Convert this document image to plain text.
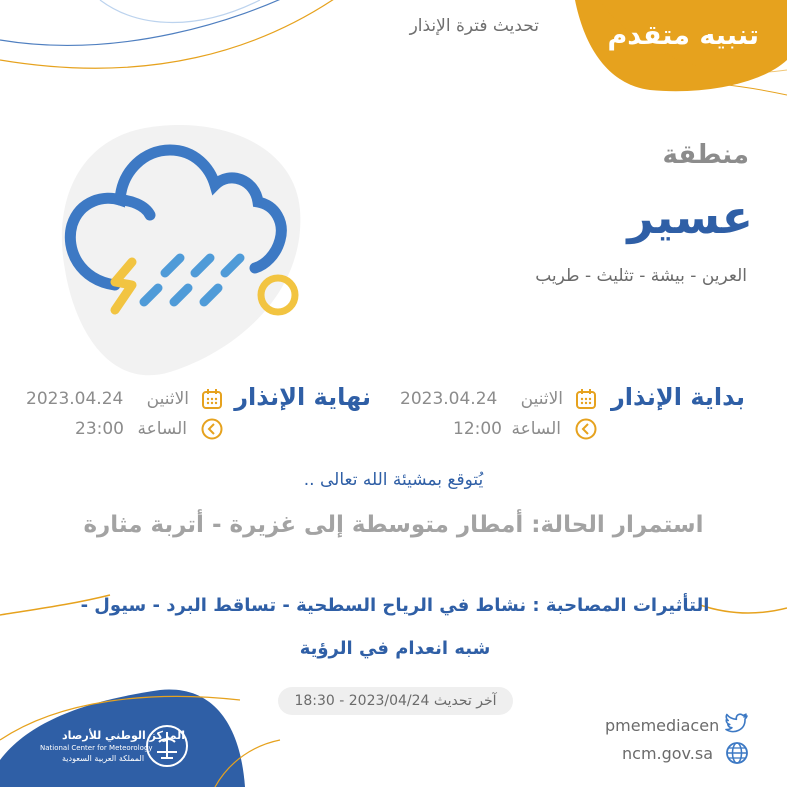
تنبيه متقدم
تحديث فترة الإنذار
منطقة
عسير
العرين - بيشة - تثليث - طريب
بداية الإنذار
الاثنين
2023.04.24
الساعة
12:00
نهاية الإنذار
الاثنين
2023.04.24
الساعة
23:00
يُتوقع بمشيئة الله تعالى ..
استمرار الحالة: أمطار متوسطة إلى غزيرة - أتربة مثارة
التأثيرات المصاحبة : نشاط في الرياح السطحية - تساقط البرد - سيول -
شبه انعدام في الرؤية
آخر تحديث 2023/04/24 - 18:30
pmemediacen
ncm.gov.sa
المركز الوطني للأرصاد
National Center for Meteorology
المملكة العربية السعودية
